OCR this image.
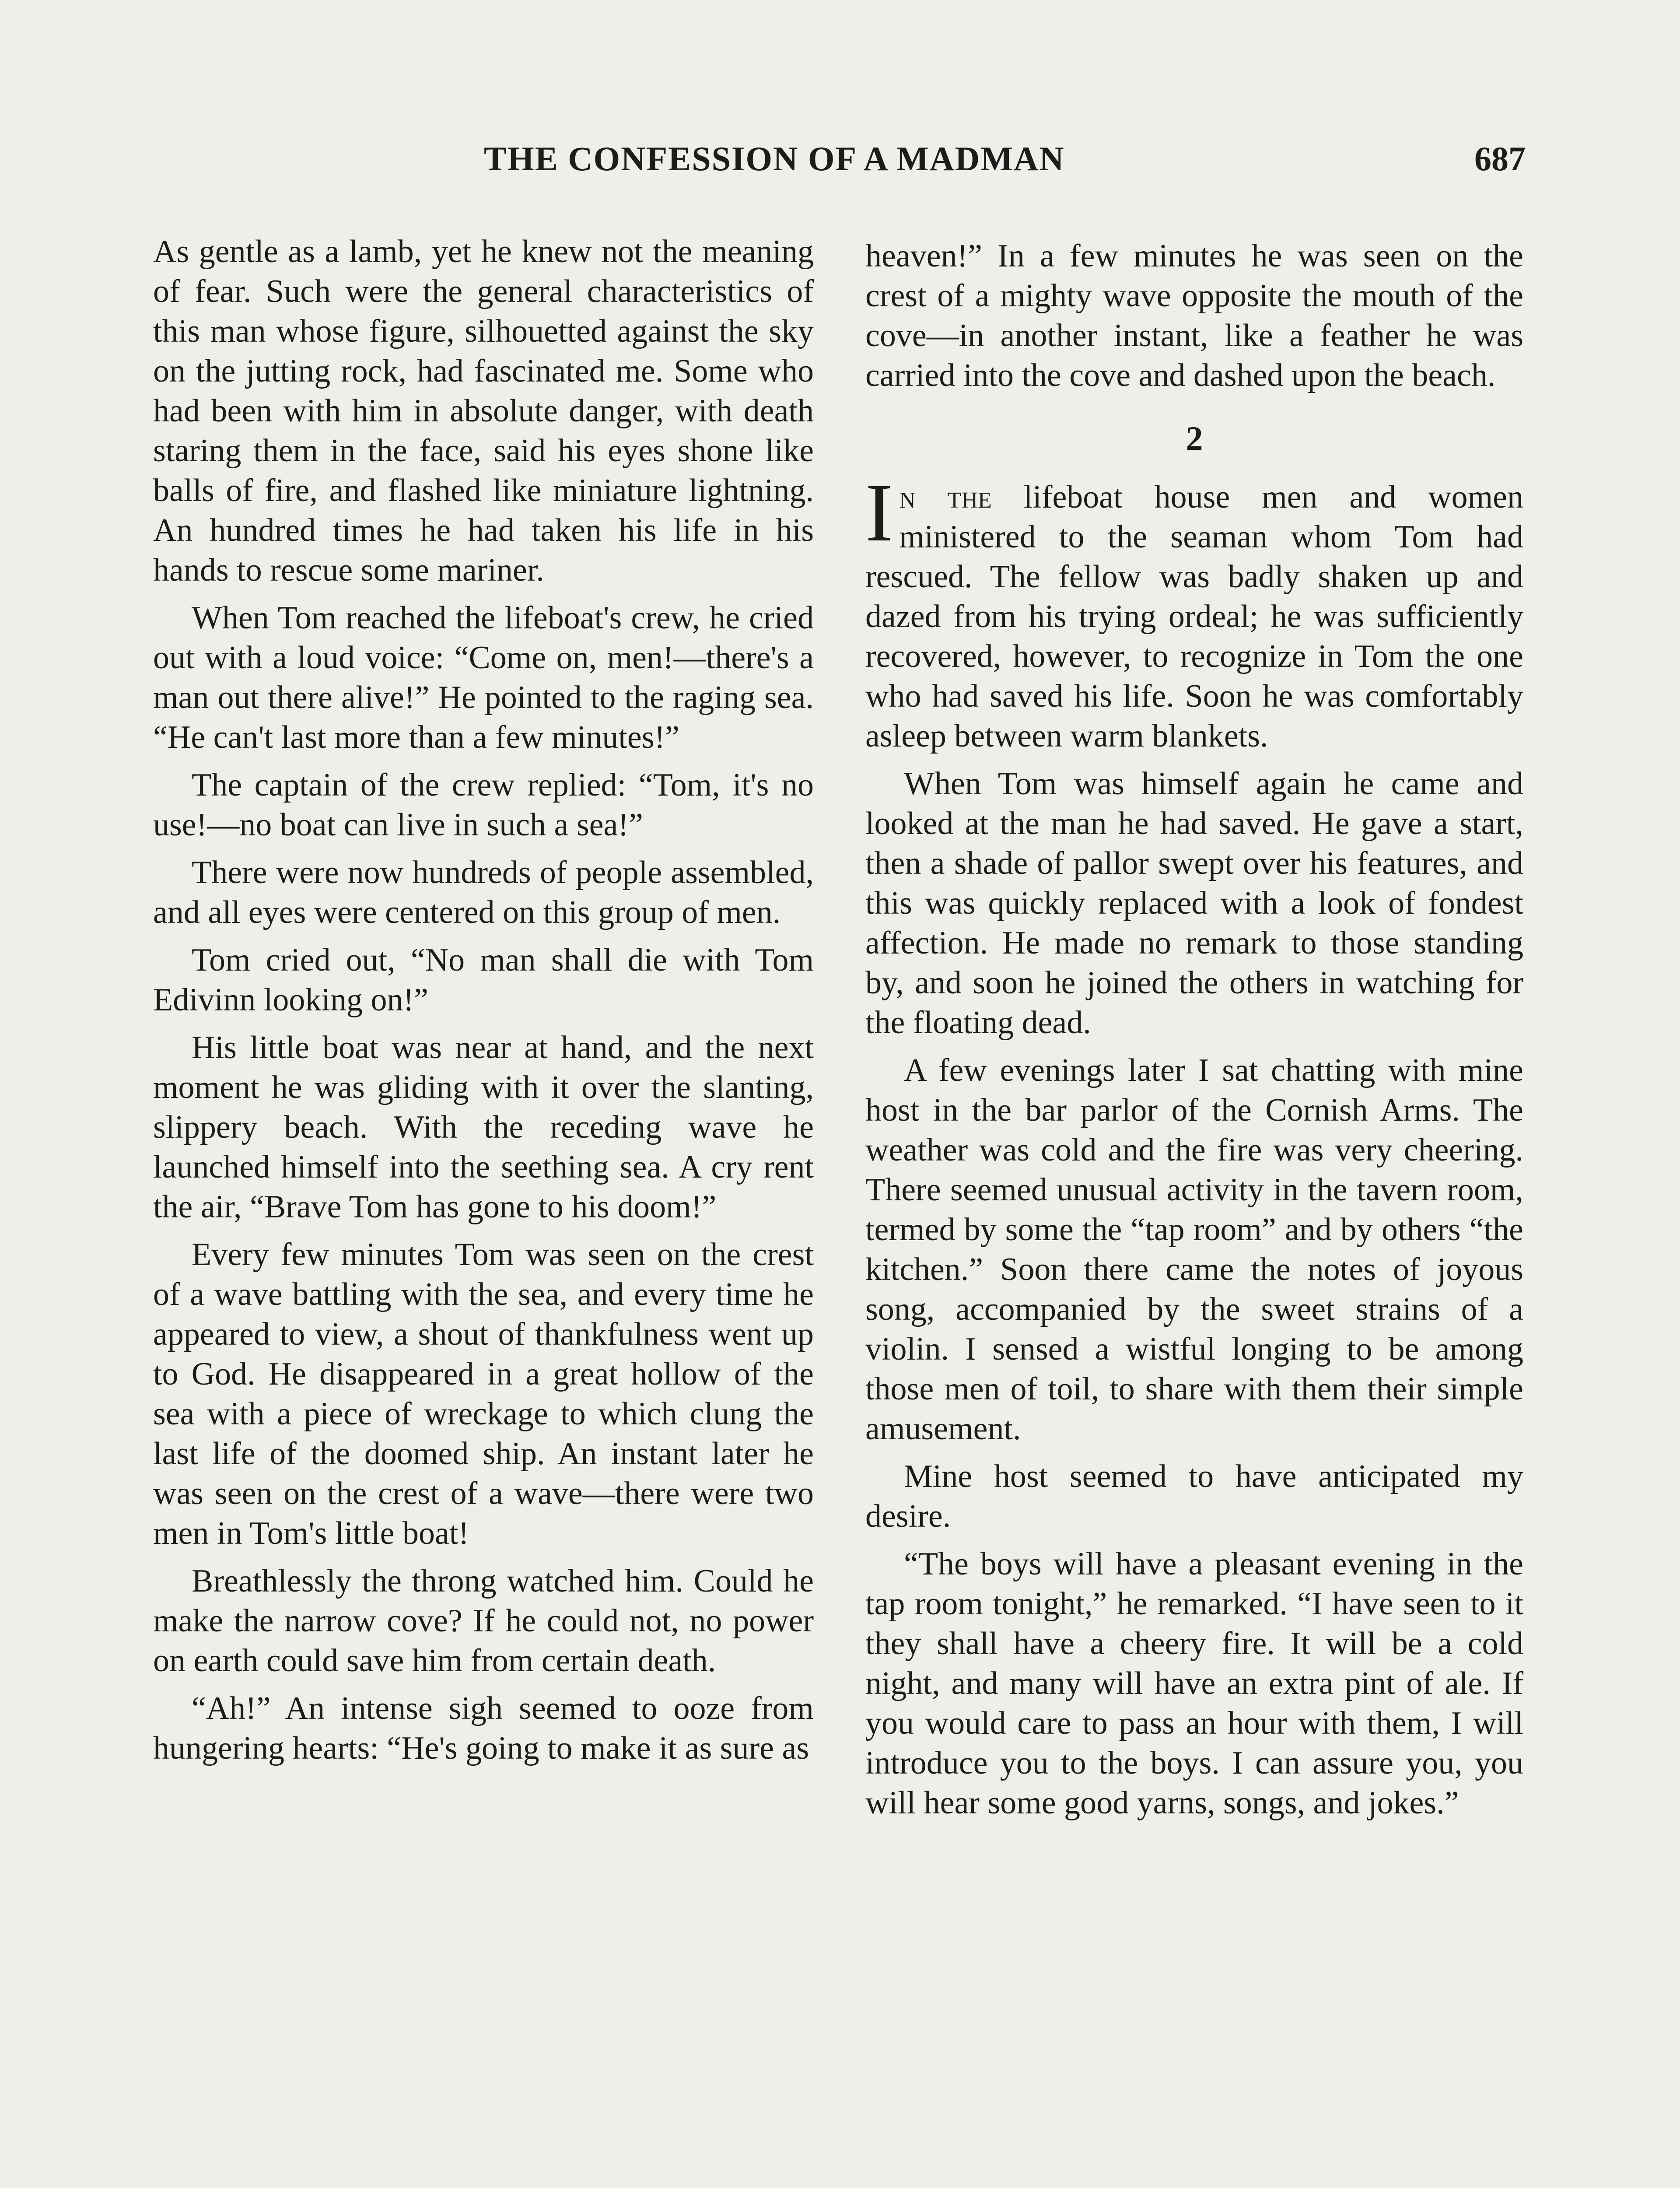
THE CONFESSION OF A MADMAN	687

As gentle as a lamb, yet he knew not the meaning of fear. Such were the general characteristics of this man whose figure, silhouetted against the sky on the jutting rock, had fascinated me. Some who had been with him in absolute danger, with death staring them in the face, said his eyes shone like balls of fire, and flashed like miniature lightning. An hundred times he had taken his life in his hands to rescue some mariner.

When Tom reached the lifeboat's crew, he cried out with a loud voice: “Come on, men!—there's a man out there alive!” He pointed to the raging sea. “He can't last more than a few minutes!”

The captain of the crew replied: “Tom, it's no use!—no boat can live in such a sea!”

There were now hundreds of people assembled, and all eyes were centered on this group of men.

Tom cried out, “No man shall die with Tom Edivinn looking on!”

His little boat was near at hand, and the next moment he was gliding with it over the slanting, slippery beach. With the receding wave he launched himself into the seething sea. A cry rent the air, “Brave Tom has gone to his doom!”

Every few minutes Tom was seen on the crest of a wave battling with the sea, and every time he appeared to view, a shout of thankfulness went up to God. He disappeared in a great hollow of the sea with a piece of wreckage to which clung the last life of the doomed ship. An instant later he was seen on the crest of a wave—there were two men in Tom's little boat!

Breathlessly the throng watched him. Could he make the narrow cove? If he could not, no power on earth could save him from certain death.

“Ah!” An intense sigh seemed to ooze from hungering hearts: “He's going to make it as sure as

heaven!” In a few minutes he was seen on the crest of a mighty wave opposite the mouth of the cove—in another instant, like a feather he was carried into the cove and dashed upon the beach.

2

In the lifeboat house men and women ministered to the seaman whom Tom had rescued. The fellow was badly shaken up and dazed from his trying ordeal; he was sufficiently recovered, however, to recognize in Tom the one who had saved his life. Soon he was comfortably asleep between warm blankets.

When Tom was himself again he came and looked at the man he had saved. He gave a start, then a shade of pallor swept over his features, and this was quickly replaced with a look of fondest affection. He made no remark to those standing by, and soon he joined the others in watching for the floating dead.

A few evenings later I sat chatting with mine host in the bar parlor of the Cornish Arms. The weather was cold and the fire was very cheering. There seemed unusual activity in the tavern room, termed by some the “tap room” and by others “the kitchen.” Soon there came the notes of joyous song, accompanied by the sweet strains of a violin. I sensed a wistful longing to be among those men of toil, to share with them their simple amusement.

Mine host seemed to have anticipated my desire.

“The boys will have a pleasant evening in the tap room tonight,” he remarked. “I have seen to it they shall have a cheery fire. It will be a cold night, and many will have an extra pint of ale. If you would care to pass an hour with them, I will introduce you to the boys. I can assure you, you will hear some good yarns, songs, and jokes.”
